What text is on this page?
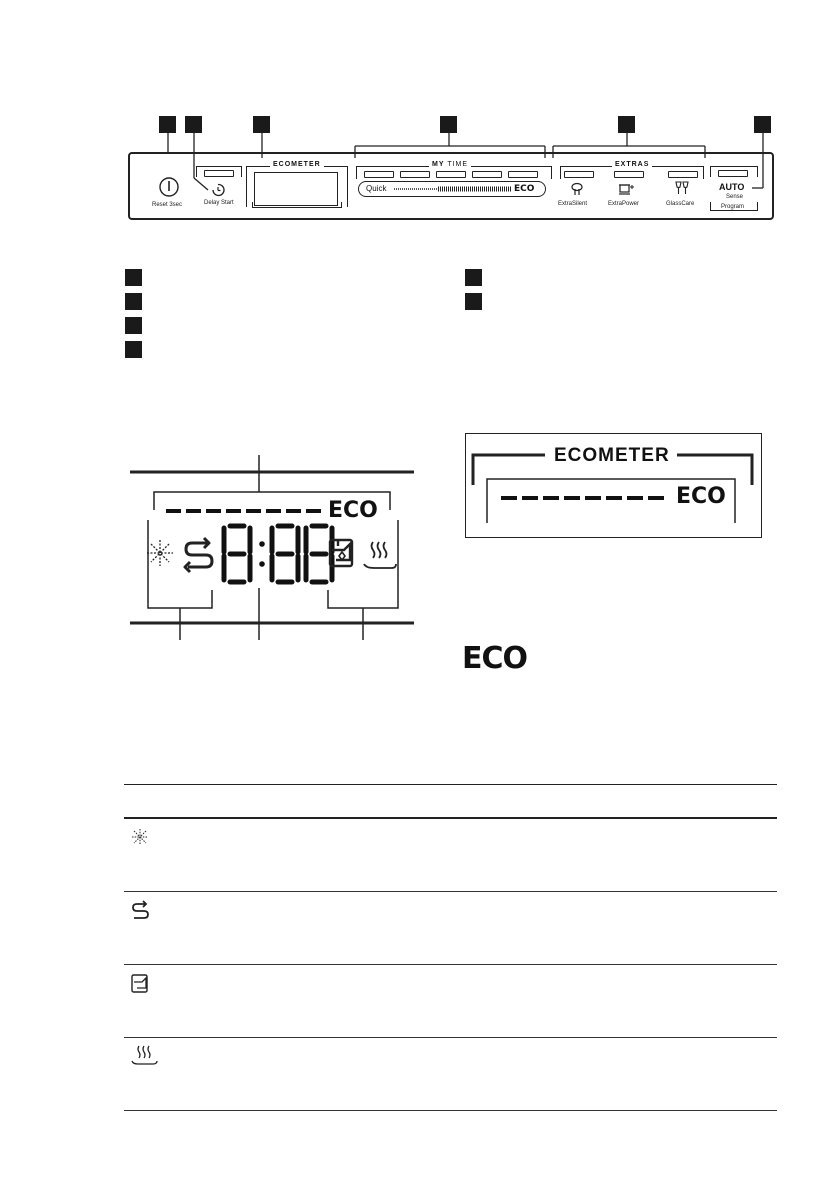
Reset 3sec	Delay Start
ECOMETER	MY TIME
Quick	ECO
EXTRAS
ExtraSilent	ExtraPower	GlassCare
AUTO
Sense
Program
ECO
ECOMETER
ECO
ECO
